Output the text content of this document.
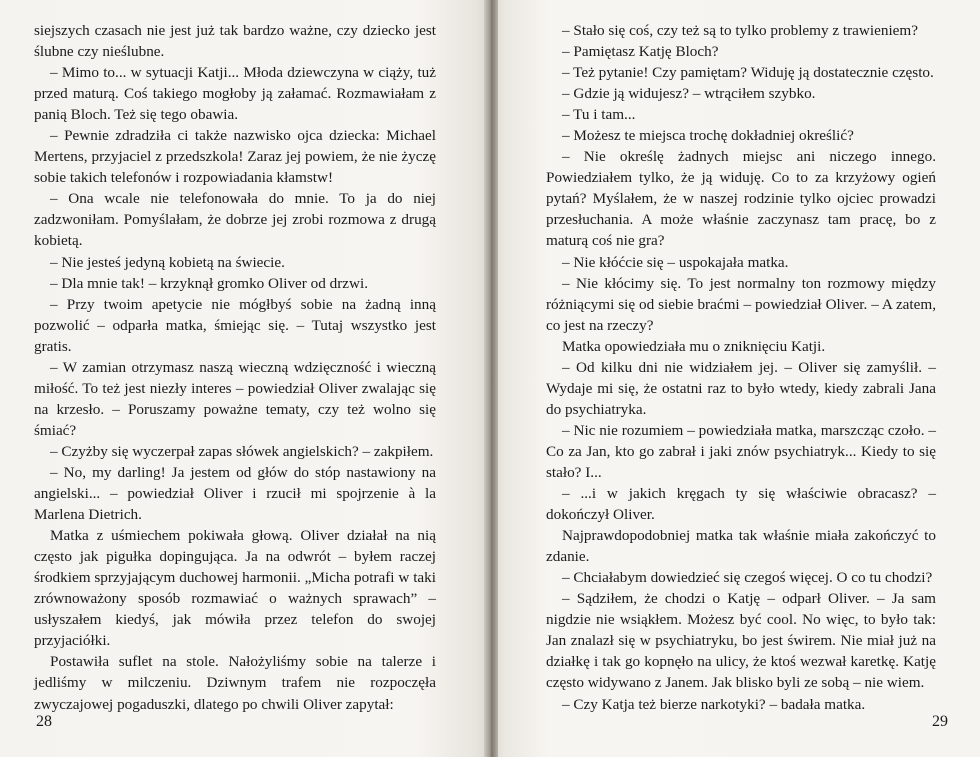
siejszych czasach nie jest już tak bardzo ważne, czy dziecko jest ślubne czy nieślubne.

– Mimo to... w sytuacji Katji... Młoda dziewczyna w ciąży, tuż przed maturą. Coś takiego mogłoby ją załamać. Rozmawiałam z panią Bloch. Też się tego obawia.

– Pewnie zdradziła ci także nazwisko ojca dziecka: Michael Mertens, przyjaciel z przedszkola! Zaraz jej powiem, że nie życzę sobie takich telefonów i rozpowiadania kłamstw!

– Ona wcale nie telefonowała do mnie. To ja do niej zadzwoniłam. Pomyślałam, że dobrze jej zrobi rozmowa z drugą kobietą.

– Nie jesteś jedyną kobietą na świecie.

– Dla mnie tak! – krzyknął gromko Oliver od drzwi.

– Przy twoim apetycie nie mógłbyś sobie na żadną inną pozwolić – odparła matka, śmiejąc się. – Tutaj wszystko jest gratis.

– W zamian otrzymasz naszą wieczną wdzięczność i wieczną miłość. To też jest niezły interes – powiedział Oliver zwalając się na krzesło. – Poruszamy poważne tematy, czy też wolno się śmiać?

– Czyżby się wyczerpał zapas słówek angielskich? – zakpiłem.

– No, my darling! Ja jestem od głów do stóp nastawiony na angielski... – powiedział Oliver i rzucił mi spojrzenie à la Marlena Dietrich.

Matka z uśmiechem pokiwała głową. Oliver działał na nią często jak pigułka dopingująca. Ja na odwrót – byłem raczej środkiem sprzyjającym duchowej harmonii. „Micha potrafi w taki zrównoważony sposób rozmawiać o ważnych sprawach” – usłyszałem kiedyś, jak mówiła przez telefon do swojej przyjaciółki.

Postawiła suflet na stole. Nałożyliśmy sobie na talerze i jedliśmy w milczeniu. Dziwnym trafem nie rozpoczęła zwyczajowej pogaduszki, dlatego po chwili Oliver zapytał:

28

– Stało się coś, czy też są to tylko problemy z trawieniem?

– Pamiętasz Katję Bloch?

– Też pytanie! Czy pamiętam? Widuję ją dostatecznie często.

– Gdzie ją widujesz? – wtrąciłem szybko.

– Tu i tam...

– Możesz te miejsca trochę dokładniej określić?

– Nie określę żadnych miejsc ani niczego innego. Powiedziałem tylko, że ją widuję. Co to za krzyżowy ogień pytań? Myślałem, że w naszej rodzinie tylko ojciec prowadzi przesłuchania. A może właśnie zaczynasz tam pracę, bo z maturą coś nie gra?

– Nie kłóćcie się – uspokajała matka.

– Nie kłócimy się. To jest normalny ton rozmowy między różniącymi się od siebie braćmi – powiedział Oliver. – A zatem, co jest na rzeczy?

Matka opowiedziała mu o zniknięciu Katji.

– Od kilku dni nie widziałem jej. – Oliver się zamyślił. – Wydaje mi się, że ostatni raz to było wtedy, kiedy zabrali Jana do psychiatryka.

– Nic nie rozumiem – powiedziała matka, marszcząc czoło. – Co za Jan, kto go zabrał i jaki znów psychiatryk... Kiedy to się stało? I...

– ...i w jakich kręgach ty się właściwie obracasz? – dokończył Oliver.

Najprawdopodobniej matka tak właśnie miała zakończyć to zdanie.

– Chciałabym dowiedzieć się czegoś więcej. O co tu chodzi?

– Sądziłem, że chodzi o Katję – odparł Oliver. – Ja sam nigdzie nie wsiąkłem. Możesz być cool. No więc, to było tak: Jan znalazł się w psychiatryku, bo jest świrem. Nie miał już na działkę i tak go kopnęło na ulicy, że ktoś wezwał karetkę. Katję często widywano z Janem. Jak blisko byli ze sobą – nie wiem.

– Czy Katja też bierze narkotyki? – badała matka.

29
